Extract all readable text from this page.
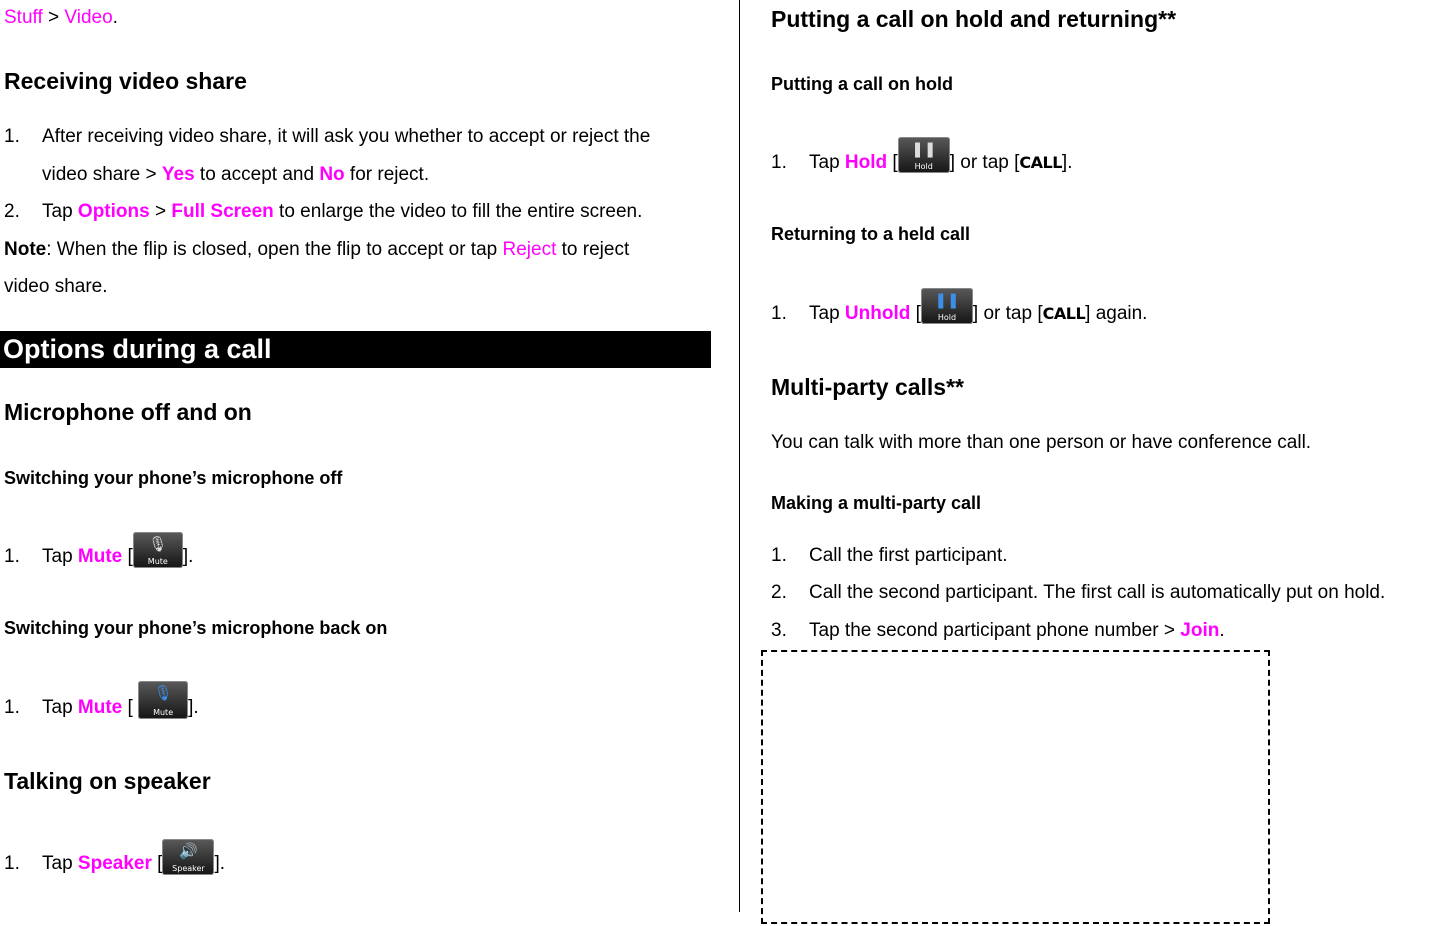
Stuff > Video.
Receiving video share
1. After receiving video share, it will ask you whether to accept or reject the
video share > Yes to accept and No for reject.
2. Tap Options > Full Screen to enlarge the video to fill the entire screen.
Note: When the flip is closed, open the flip to accept or tap Reject to reject
video share.
Options during a call
Microphone off and on
Switching your phone’s microphone off
1. Tap Mute [
🎙
Mute ].
Switching your phone’s microphone back on
1. Tap Mute [
🎙
Mute ].
Talking on speaker
1. Tap Speaker [
🔊
Speaker ].
Putting a call on hold and returning**
Putting a call on hold
1. Tap Hold [
❚❚
Hold ] or tap [CALL].
Returning to a held call
1. Tap Unhold [
❚❚
Hold ] or tap [CALL] again.
Multi-party calls**
You can talk with more than one person or have conference call.
Making a multi-party call
1. Call the first participant.
2. Call the second participant. The first call is automatically put on hold.
3. Tap the second participant phone number > Join.
